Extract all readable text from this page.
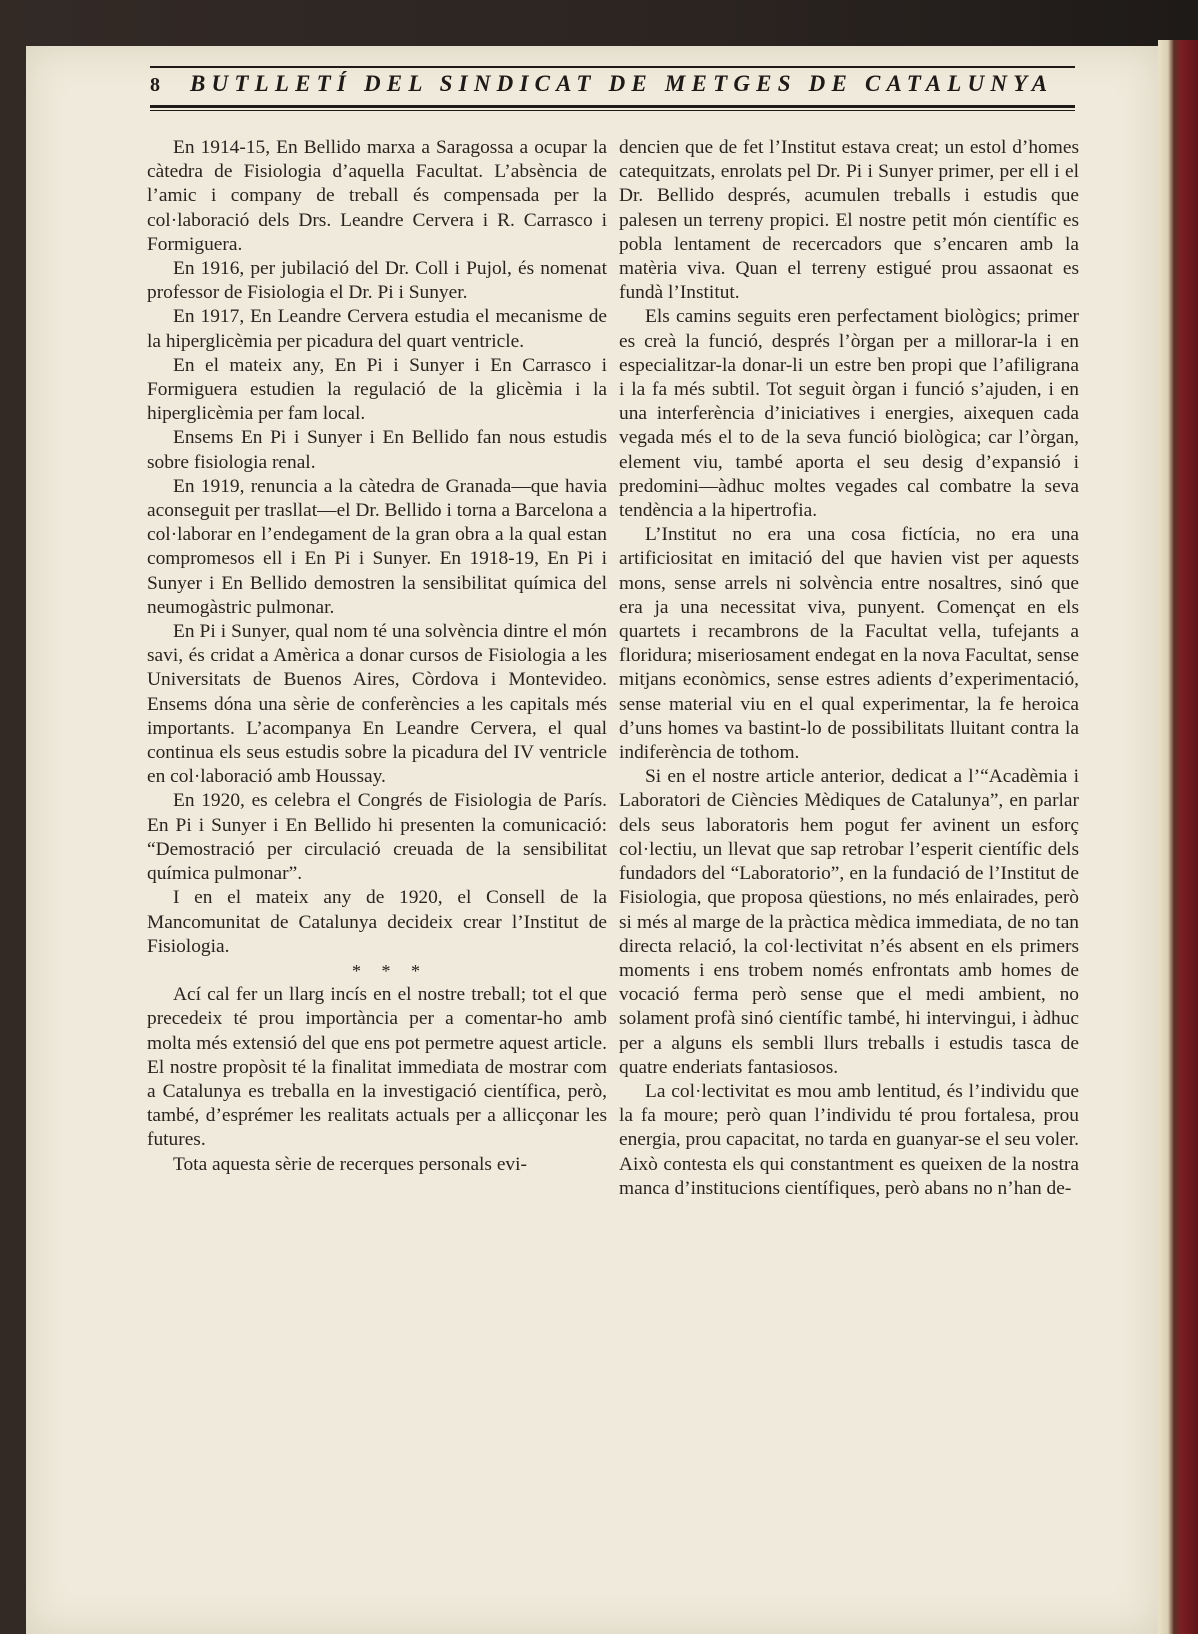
8	BUTLLETÍ DEL SINDICAT DE METGES DE CATALUNYA

En 1914-15, En Bellido marxa a Saragossa a ocupar la càtedra de Fisiologia d’aquella Facultat. L’absència de l’amic i company de treball és compensada per la col·laboració dels Drs. Leandre Cervera i R. Carrasco i Formiguera.

En 1916, per jubilació del Dr. Coll i Pujol, és nomenat professor de Fisiologia el Dr. Pi i Sunyer.

En 1917, En Leandre Cervera estudia el mecanisme de la hiperglicèmia per picadura del quart ventricle.

En el mateix any, En Pi i Sunyer i En Carrasco i Formiguera estudien la regulació de la glicèmia i la hiperglicèmia per fam local.

Ensems En Pi i Sunyer i En Bellido fan nous estudis sobre fisiologia renal.

En 1919, renuncia a la càtedra de Granada—que havia aconseguit per trasllat—el Dr. Bellido i torna a Barcelona a col·laborar en l’endegament de la gran obra a la qual estan compromesos ell i En Pi i Sunyer. En 1918-19, En Pi i Sunyer i En Bellido demostren la sensibilitat química del neumogàstric pulmonar.

En Pi i Sunyer, qual nom té una solvència dintre el món savi, és cridat a Amèrica a donar cursos de Fisiologia a les Universitats de Buenos Aires, Còrdova i Montevideo. Ensems dóna una sèrie de conferències a les capitals més importants. L’acompanya En Leandre Cervera, el qual continua els seus estudis sobre la picadura del IV ventricle en col·laboració amb Houssay.

En 1920, es celebra el Congrés de Fisiologia de París. En Pi i Sunyer i En Bellido hi presenten la comunicació: “Demostració per circulació creuada de la sensibilitat química pulmonar”.

I en el mateix any de 1920, el Consell de la Mancomunitat de Catalunya decideix crear l’Institut de Fisiologia.

* * *

Ací cal fer un llarg incís en el nostre treball; tot el que precedeix té prou importància per a comentar-ho amb molta més extensió del que ens pot permetre aquest article. El nostre propòsit té la finalitat immediata de mostrar com a Catalunya es treballa en la investigació científica, però, també, d’esprémer les realitats actuals per a allicçonar les futures.

Tota aquesta sèrie de recerques personals evi-

dencien que de fet l’Institut estava creat; un estol d’homes catequitzats, enrolats pel Dr. Pi i Sunyer primer, per ell i el Dr. Bellido després, acumulen treballs i estudis que palesen un terreny propici. El nostre petit món científic es pobla lentament de recercadors que s’encaren amb la matèria viva. Quan el terreny estigué prou assaonat es fundà l’Institut.

Els camins seguits eren perfectament biològics; primer es creà la funció, després l’òrgan per a millorar-la i en especialitzar-la donar-li un estre ben propi que l’afiligrana i la fa més subtil. Tot seguit òrgan i funció s’ajuden, i en una interferència d’iniciatives i energies, aixequen cada vegada més el to de la seva funció biològica; car l’òrgan, element viu, també aporta el seu desig d’expansió i predomini—àdhuc moltes vegades cal combatre la seva tendència a la hipertrofia.

L’Institut no era una cosa fictícia, no era una artificiositat en imitació del que havien vist per aquests mons, sense arrels ni solvència entre nosaltres, sinó que era ja una necessitat viva, punyent. Començat en els quartets i recambrons de la Facultat vella, tufejants a floridura; miseriosament endegat en la nova Facultat, sense mitjans econòmics, sense estres adients d’experimentació, sense material viu en el qual experimentar, la fe heroica d’uns homes va bastint-lo de possibilitats lluitant contra la indiferència de tothom.

Si en el nostre article anterior, dedicat a l’“Acadèmia i Laboratori de Ciències Mèdiques de Catalunya”, en parlar dels seus laboratoris hem pogut fer avinent un esforç col·lectiu, un llevat que sap retrobar l’esperit científic dels fundadors del “Laboratorio”, en la fundació de l’Institut de Fisiologia, que proposa qüestions, no més enlairades, però si més al marge de la pràctica mèdica immediata, de no tan directa relació, la col·lectivitat n’és absent en els primers moments i ens trobem només enfrontats amb homes de vocació ferma però sense que el medi ambient, no solament profà sinó científic també, hi intervingui, i àdhuc per a alguns els sembli llurs treballs i estudis tasca de quatre enderiats fantasiosos.

La col·lectivitat es mou amb lentitud, és l’individu que la fa moure; però quan l’individu té prou fortalesa, prou energia, prou capacitat, no tarda en guanyar-se el seu voler. Això contesta els qui constantment es queixen de la nostra manca d’institucions científiques, però abans no n’han de-
